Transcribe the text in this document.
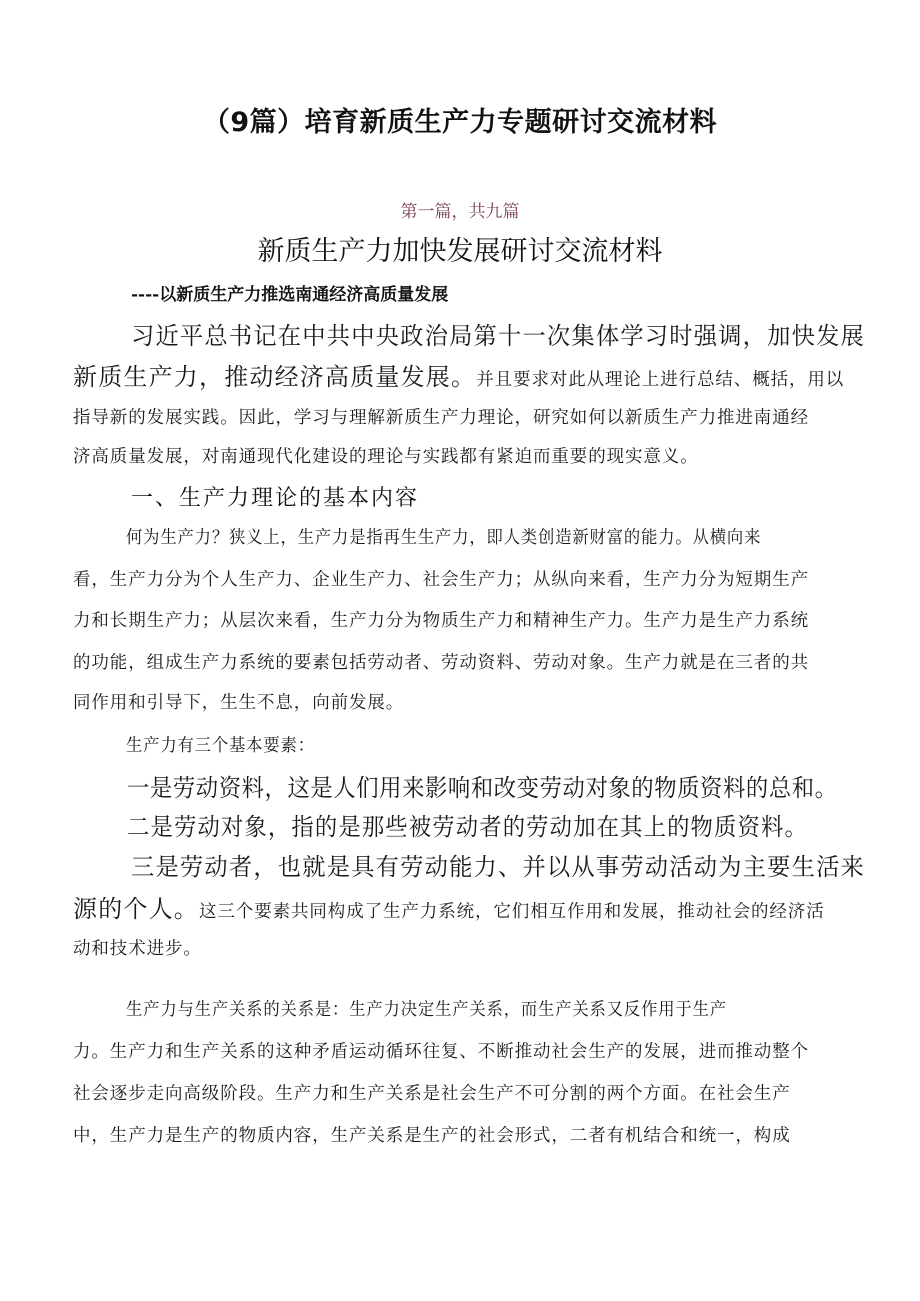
（9篇）培育新质生产力专题研讨交流材料
第一篇，共九篇
新质生产力加快发展研讨交流材料
----以新质生产力推选南通经济高质量发展
习近平总书记在中共中央政治局第十一次集体学习时强调，加快发展
新质生产力，推动经济高质量发展。并且要求对此从理论上进行总结、概括，用以
指导新的发展实践。因此，学习与理解新质生产力理论，研究如何以新质生产力推进南通经
济高质量发展，对南通现代化建设的理论与实践都有紧迫而重要的现实意义。
一、生产力理论的基本内容
何为生产力？狭义上，生产力是指再生生产力，即人类创造新财富的能力。从横向来
看，生产力分为个人生产力、企业生产力、社会生产力；从纵向来看，生产力分为短期生产
力和长期生产力；从层次来看，生产力分为物质生产力和精神生产力。生产力是生产力系统
的功能，组成生产力系统的要素包括劳动者、劳动资料、劳动对象。生产力就是在三者的共
同作用和引导下，生生不息，向前发展。
生产力有三个基本要素：
一是劳动资料，这是人们用来影响和改变劳动对象的物质资料的总和。
二是劳动对象，指的是那些被劳动者的劳动加在其上的物质资料。
三是劳动者，也就是具有劳动能力、并以从事劳动活动为主要生活来
源的个人。这三个要素共同构成了生产力系统，它们相互作用和发展，推动社会的经济活
动和技术进步。
生产力与生产关系的关系是：生产力决定生产关系，而生产关系又反作用于生产
力。生产力和生产关系的这种矛盾运动循环往复、不断推动社会生产的发展，进而推动整个
社会逐步走向高级阶段。生产力和生产关系是社会生产不可分割的两个方面。在社会生产
中，生产力是生产的物质内容，生产关系是生产的社会形式，二者有机结合和统一，构成
